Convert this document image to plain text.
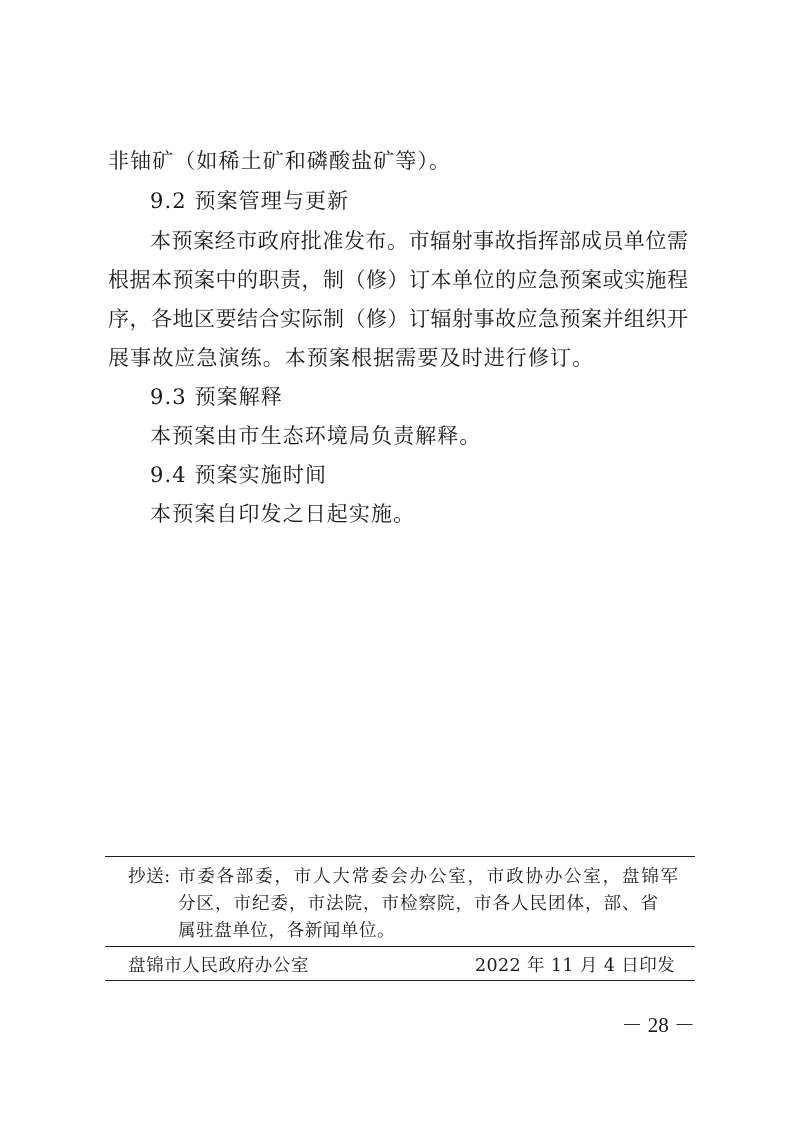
非铀矿（如稀土矿和磷酸盐矿等）。
9.2 预案管理与更新
本预案经市政府批准发布。市辐射事故指挥部成员单位需
根据本预案中的职责，制（修）订本单位的应急预案或实施程
序，各地区要结合实际制（修）订辐射事故应急预案并组织开
展事故应急演练。本预案根据需要及时进行修订。
9.3 预案解释
本预案由市生态环境局负责解释。
9.4 预案实施时间
本预案自印发之日起实施。
抄送: 市委各部委，市人大常委会办公室，市政协办公室，盘锦军
分区，市纪委，市法院，市检察院，市各人民团体，部、省
属驻盘单位，各新闻单位。
盘锦市人民政府办公室	2022 年 11 月 4 日印发
－ 28 －
